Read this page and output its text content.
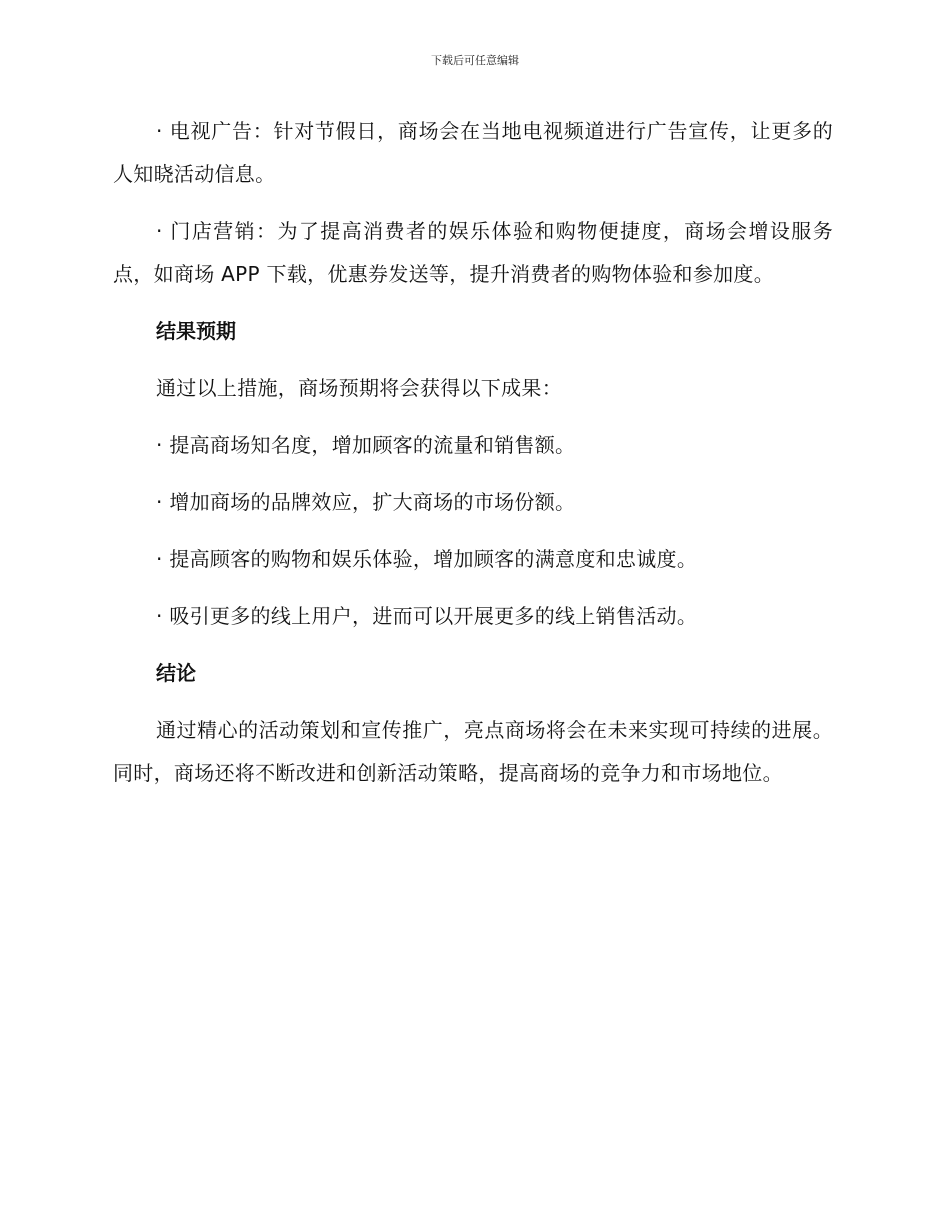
下载后可任意编辑

· 电视广告：针对节假日，商场会在当地电视频道进行广告宣传，让更多的人知晓活动信息。

· 门店营销：为了提高消费者的娱乐体验和购物便捷度，商场会增设服务点，如商场 APP 下载，优惠券发送等，提升消费者的购物体验和参加度。

结果预期

通过以上措施，商场预期将会获得以下成果：

· 提高商场知名度，增加顾客的流量和销售额。

· 增加商场的品牌效应，扩大商场的市场份额。

· 提高顾客的购物和娱乐体验，增加顾客的满意度和忠诚度。

· 吸引更多的线上用户，进而可以开展更多的线上销售活动。

结论

通过精心的活动策划和宣传推广，亮点商场将会在未来实现可持续的进展。同时，商场还将不断改进和创新活动策略，提高商场的竞争力和市场地位。
